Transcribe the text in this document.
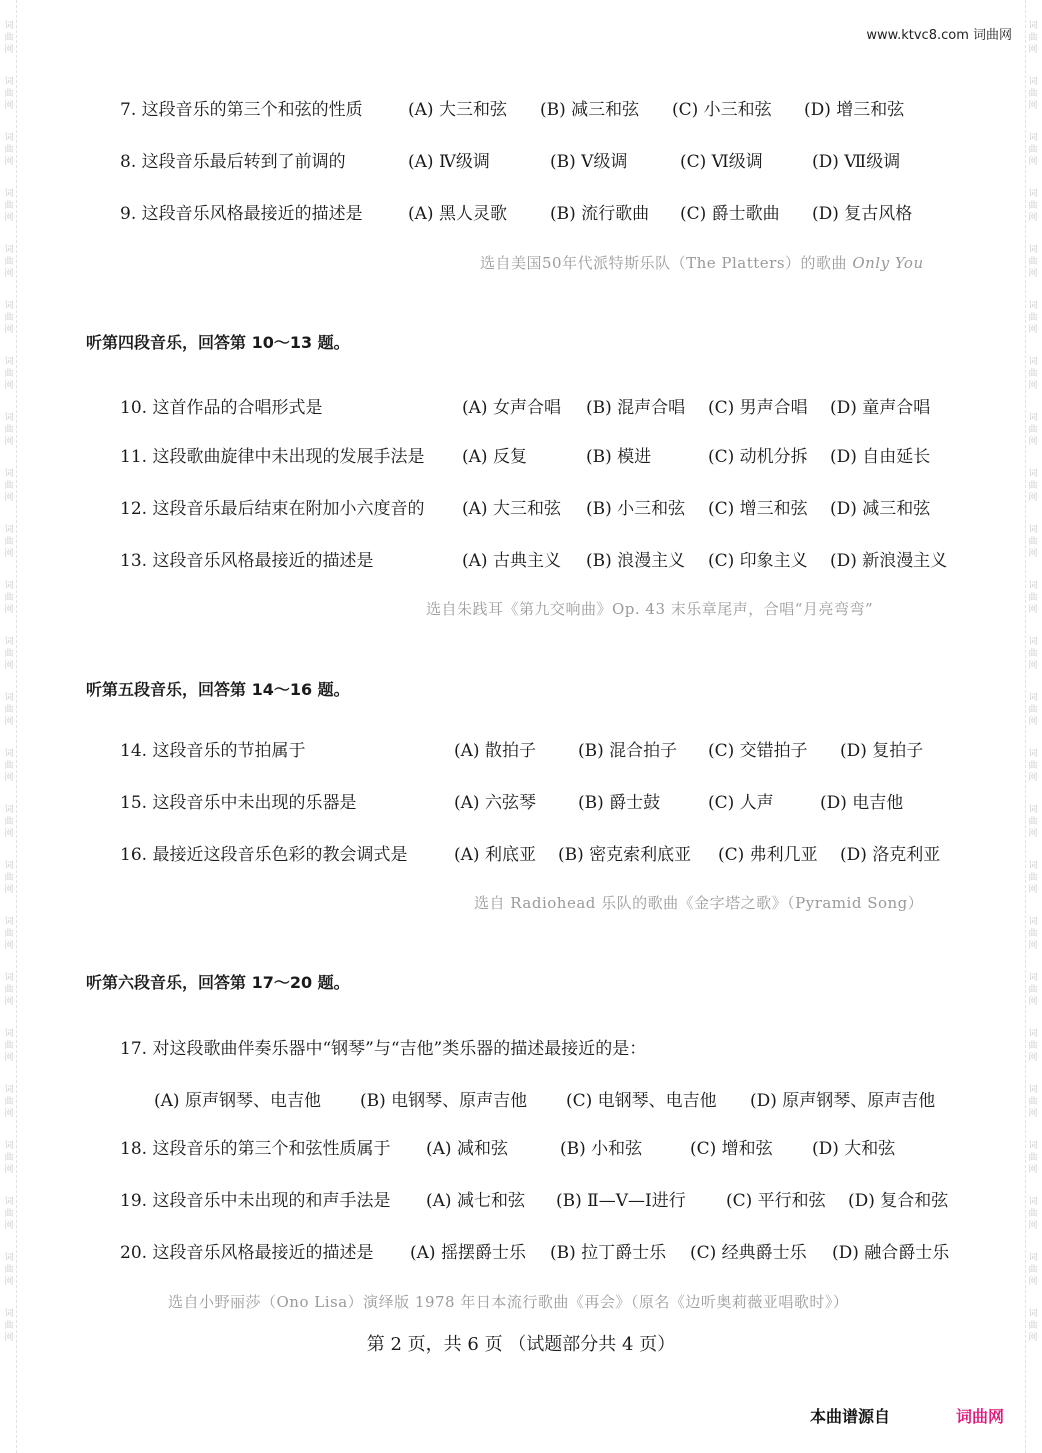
词
曲
网
词
曲
网
词
曲
网
词
曲
网
词
曲
网
词
曲
网
词
曲
网
词
曲
网
词
曲
网
词
曲
网
词
曲
网
词
曲
网
词
曲
网
词
曲
网
词
曲
网
词
曲
网
词
曲
网
词
曲
网
词
曲
网
词
曲
网
词
曲
网
词
曲
网
词
曲
网
词
曲
网
词
曲
网
词
曲
网
词
曲
网
词
曲
网
词
曲
网
词
曲
网
词
曲
网
词
曲
网
词
曲
网
词
曲
网
词
曲
网
词
曲
网
词
曲
网
词
曲
网
词
曲
网
词
曲
网
词
曲
网
词
曲
网
词
曲
网
词
曲
网
词
曲
网
词
曲
网
词
曲
网
词
曲
网
www.ktvc8.com 词曲网
7. 这段音乐的第三个和弦的性质	(A) 大三和弦 (B) 减三和弦 (C) 小三和弦 (D) 增三和弦
8. 这段音乐最后转到了前调的	(A) Ⅳ级调	(B) Ⅴ级调	(C) Ⅵ级调	(D) Ⅶ级调
9. 这段音乐风格最接近的描述是	(A) 黑人灵歌	(B) 流行歌曲 (C) 爵士歌曲 (D) 复古风格
选自美国50年代派特斯乐队（The Platters）的歌曲 Only You
听第四段音乐，回答第 10～13 题。
10. 这首作品的合唱形式是	(A) 女声合唱 (B) 混声合唱 (C) 男声合唱 (D) 童声合唱
11. 这段歌曲旋律中未出现的发展手法是 (A) 反复	(B) 模进	(C) 动机分拆 (D) 自由延长
12. 这段音乐最后结束在附加小六度音的 (A) 大三和弦 (B) 小三和弦 (C) 增三和弦 (D) 减三和弦
13. 这段音乐风格最接近的描述是	(A) 古典主义 (B) 浪漫主义 (C) 印象主义 (D) 新浪漫主义
选自朱践耳《第九交响曲》Op. 43 末乐章尾声，合唱“月亮弯弯”
听第五段音乐，回答第 14～16 题。
14. 这段音乐的节拍属于	(A) 散拍子 (B) 混合拍子 (C) 交错拍子 (D) 复拍子
15. 这段音乐中未出现的乐器是	(A) 六弦琴 (B) 爵士鼓	(C) 人声	(D) 电吉他
16. 最接近这段音乐色彩的教会调式是	(A) 利底亚 (B) 密克索利底亚 (C) 弗利几亚 (D) 洛克利亚
选自 Radiohead 乐队的歌曲《金字塔之歌》（Pyramid Song）
听第六段音乐，回答第 17～20 题。
17. 对这段歌曲伴奏乐器中“钢琴”与“吉他”类乐器的描述最接近的是：
(A) 原声钢琴、电吉他 (B) 电钢琴、原声吉他 (C) 电钢琴、电吉他 (D) 原声钢琴、原声吉他
18. 这段音乐的第三个和弦性质属于 (A) 减和弦	(B) 小和弦	(C) 增和弦 (D) 大和弦
19. 这段音乐中未出现的和声手法是 (A) 减七和弦 (B) Ⅱ—Ⅴ—Ⅰ进行 (C) 平行和弦 (D) 复合和弦
20. 这段音乐风格最接近的描述是 (A) 摇摆爵士乐 (B) 拉丁爵士乐 (C) 经典爵士乐 (D) 融合爵士乐
选自小野丽莎（Ono Lisa）演绎版 1978 年日本流行歌曲《再会》（原名《边听奥莉薇亚唱歌时》）
第 2 页，共 6 页 （试题部分共 4 页）
本曲谱源自	词曲网
